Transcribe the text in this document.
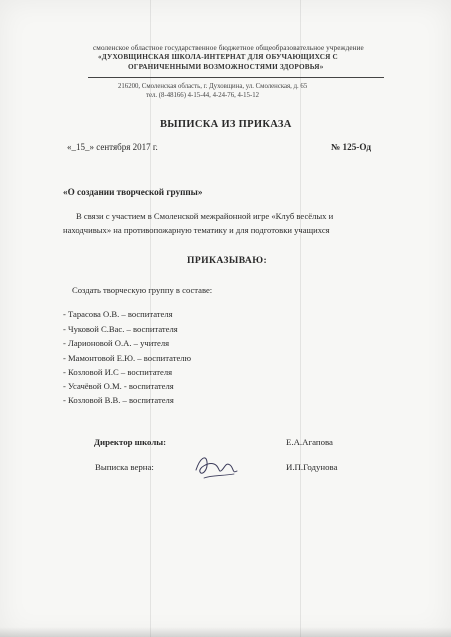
смоленское областное государственное бюджетное общеобразовательное учреждение
«ДУХОВЩИНСКАЯ ШКОЛА-ИНТЕРНАТ ДЛЯ ОБУЧАЮЩИХСЯ С
ОГРАНИЧЕННЫМИ ВОЗМОЖНОСТЯМИ ЗДОРОВЬЯ»
216200, Смоленская область, г. Духовщина, ул. Смоленская, д. 65
тел. (8-48166) 4-15-44, 4-24-76, 4-15-12
ВЫПИСКА ИЗ ПРИКАЗА
«_15_» сентября 2017 г.	№ 125-Од
«О создании творческой группы»
В связи с участием в Смоленской межрайонной игре «Клуб весёлых и
находчивых» на противопожарную тематику и для подготовки учащихся
ПРИКАЗЫВАЮ:
Создать творческую группу в составе:
- Тарасова О.В. – воспитателя
- Чуковой С.Вас. – воспитателя
- Ларионовой О.А. – учителя
- Мамонтовой Е.Ю. – воспитателю
- Козловой И.С – воспитателя
- Усачёвой О.М. - воспитателя
- Козловой В.В. – воспитателя
Директор школы:	Е.А.Агапова
Выписка верна:	И.П.Годунова
